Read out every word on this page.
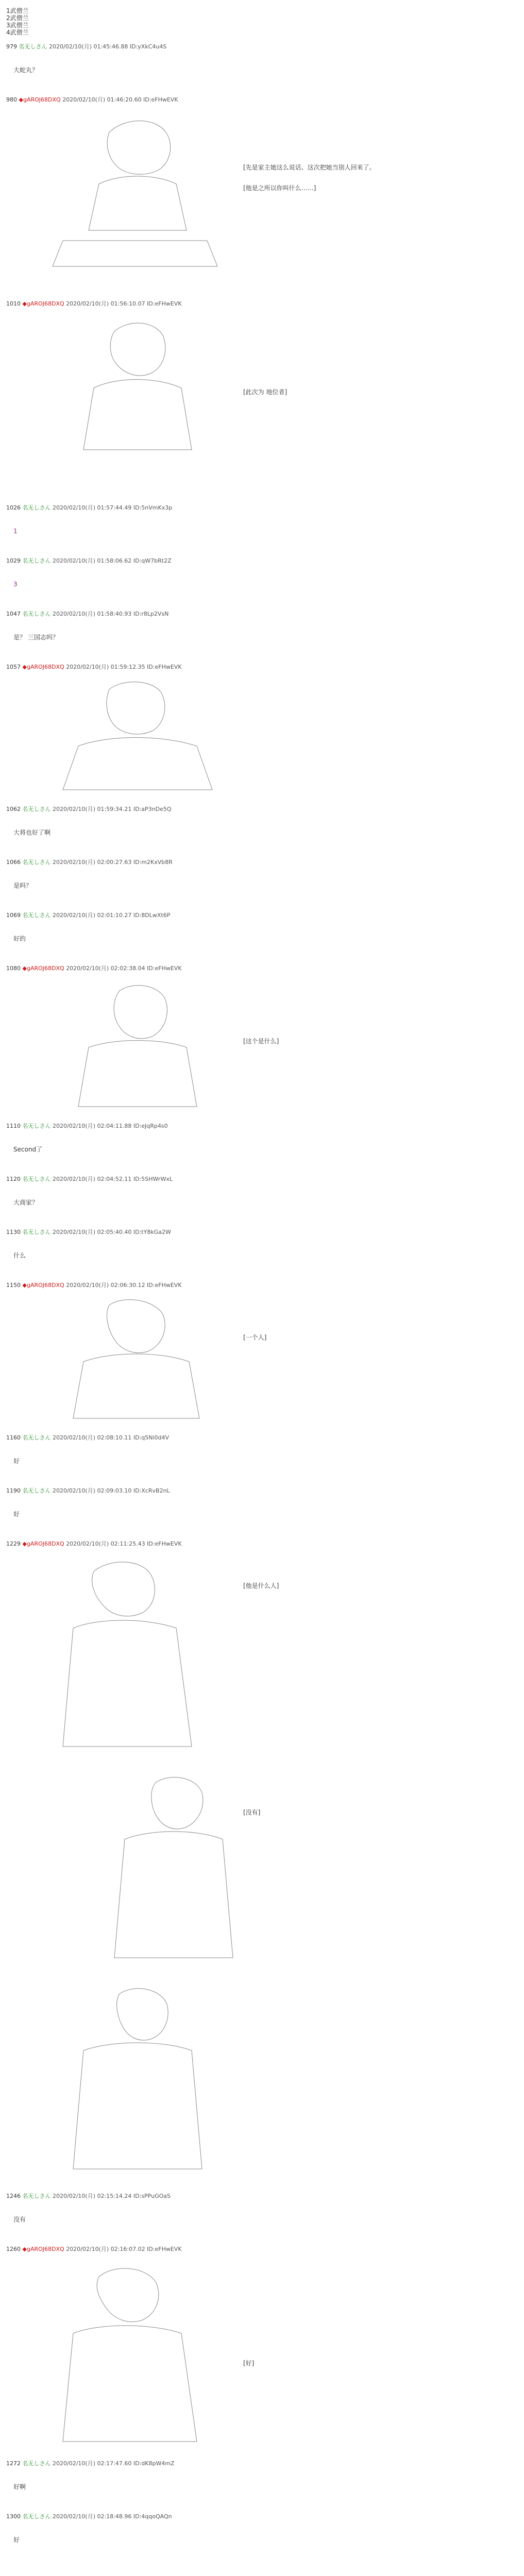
1武僧兰
2武僧兰
3武僧兰
4武僧兰
979 名无しさん 2020/02/10(月) 01:45:46.88 ID:yXkC4u4S

大蛇丸？

980 ◆gAROJ68DXQ 2020/02/10(月) 01:46:20.60 ID:eFHwEVK
[先是家主她这么说话、这次把她当别人回来了。
[他是之所以你叫什么……]
1010 ◆gAROJ68DXQ 2020/02/10(月) 01:56:10.07 ID:eFHwEVK
[此次为 地位者]
1026 名无しさん 2020/02/10(月) 01:57:44.49 ID:5nVmKx3p

1

1029 名无しさん 2020/02/10(月) 01:58:06.62 ID:qW7bRt2Z

3

1047 名无しさん 2020/02/10(月) 01:58:40.93 ID:r8Lp2VsN

是？ 三国志吗？

1057 ◆gAROJ68DXQ 2020/02/10(月) 01:59:12.35 ID:eFHwEVK
1062 名无しさん 2020/02/10(月) 01:59:34.21 ID:aP3nDe5Q

大将也好了啊

1066 名无しさん 2020/02/10(月) 02:00:27.63 ID:m2KxVb8R

是吗？

1069 名无しさん 2020/02/10(月) 02:01:10.27 ID:8DLwXt6P

好的

1080 ◆gAROJ68DXQ 2020/02/10(月) 02:02:38.04 ID:eFHwEVK
[这个是什么]
1110 名无しさん 2020/02/10(月) 02:04:11.88 ID:eJqRp4s0

Second了

1120 名无しさん 2020/02/10(月) 02:04:52.11 ID:5SHWrWxL

大商家？

1130 名无しさん 2020/02/10(月) 02:05:40.40 ID:tY8kGa2W

什么

1150 ◆gAROJ68DXQ 2020/02/10(月) 02:06:30.12 ID:eFHwEVK
[一个人]
1160 名无しさん 2020/02/10(月) 02:08:10.11 ID:q5Ni0d4V

好

1190 名无しさん 2020/02/10(月) 02:09:03.10 ID:XcRvB2nL

好

1229 ◆gAROJ68DXQ 2020/02/10(月) 02:11:25.43 ID:eFHwEVK
[他是什么人]
[没有]
1246 名无しさん 2020/02/10(月) 02:15:14.24 ID:sPPuGOaS

没有

1260 ◆gAROJ68DXQ 2020/02/10(月) 02:16:07.02 ID:eFHwEVK
[好]
1272 名无しさん 2020/02/10(月) 02:17:47.60 ID:dK8pW4mZ

好啊

1300 名无しさん 2020/02/10(月) 02:18:48.96 ID:4qqoQAQn

好
